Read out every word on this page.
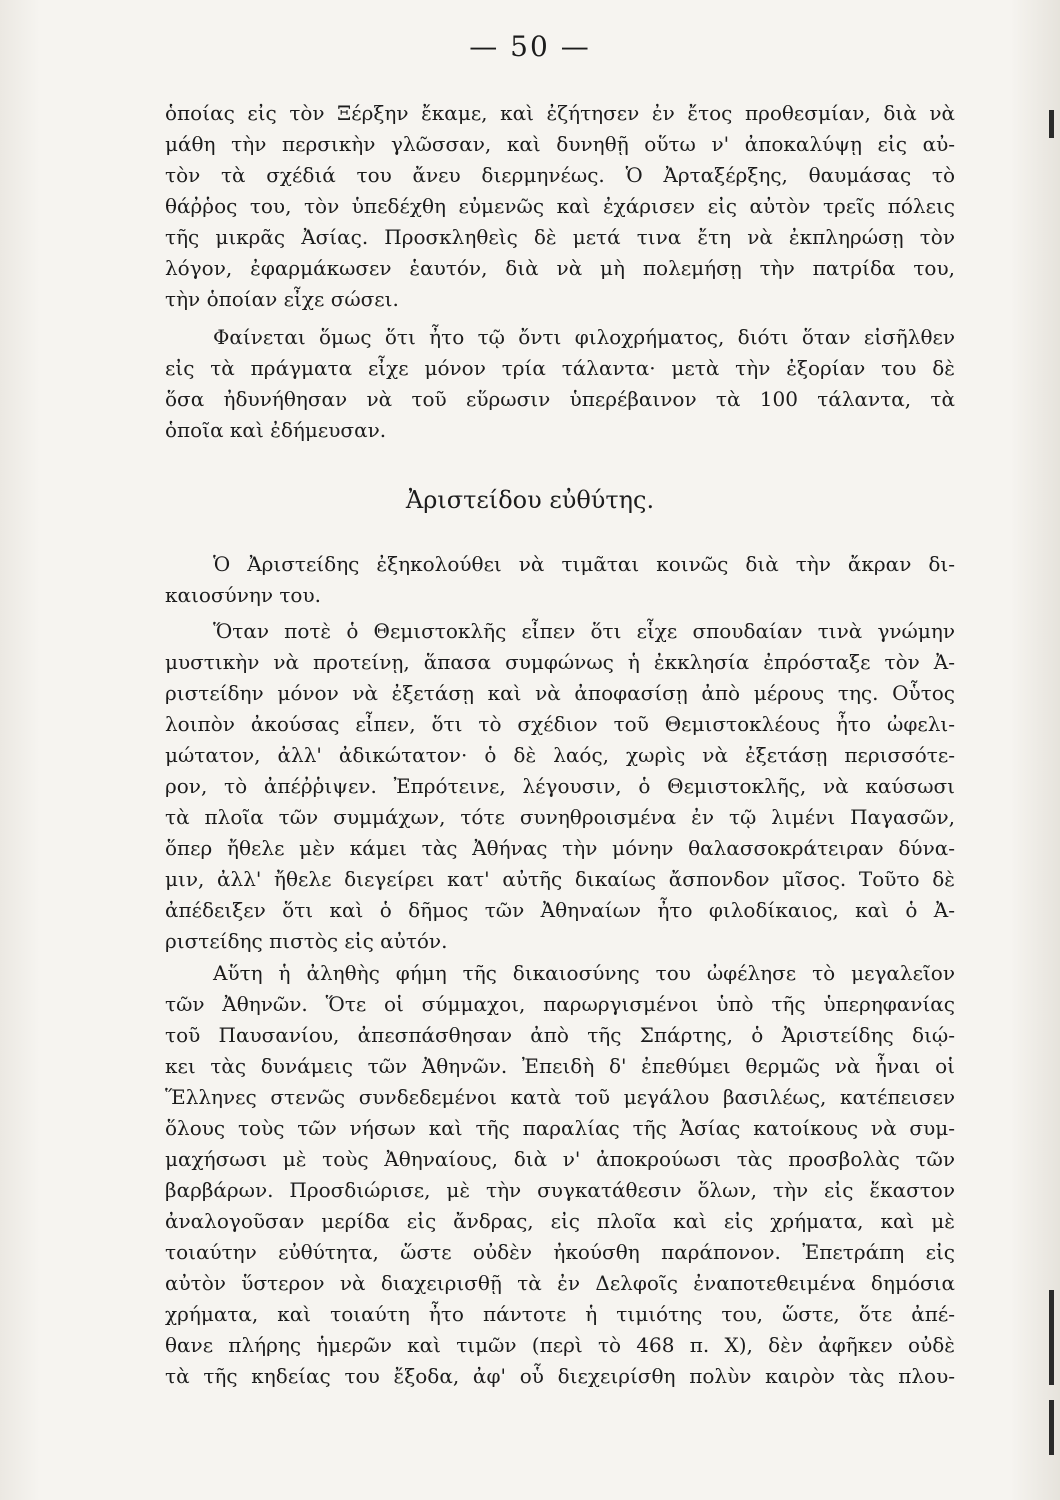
— 50 —
ὁποίας εἰς τὸν Ξέρξην ἔκαμε, καὶ ἐζήτησεν ἐν ἔτος προθεσμίαν, διὰ νὰ
μάθη τὴν περσικὴν γλῶσσαν, καὶ δυνηθῇ οὕτω ν' ἀποκαλύψῃ εἰς αὐ-
τὸν τὰ σχέδιά του ἄνευ διερμηνέως. Ὁ Ἀρταξέρξης, θαυμάσας τὸ
θάῤῥος του, τὸν ὑπεδέχθη εὐμενῶς καὶ ἐχάρισεν εἰς αὐτὸν τρεῖς πόλεις
τῆς μικρᾶς Ἀσίας. Προσκληθεὶς δὲ μετά τινα ἔτη νὰ ἐκπληρώσῃ τὸν
λόγον, ἐφαρμάκωσεν ἑαυτόν, διὰ νὰ μὴ πολεμήσῃ τὴν πατρίδα του,
τὴν ὁποίαν εἶχε σώσει.
Φαίνεται ὅμως ὅτι ἦτο τῷ ὄντι φιλοχρήματος, διότι ὅταν εἰσῆλθεν
εἰς τὰ πράγματα εἶχε μόνον τρία τάλαντα· μετὰ τὴν ἐξορίαν του δὲ
ὅσα ἠδυνήθησαν νὰ τοῦ εὕρωσιν ὑπερέβαινον τὰ 100 τάλαντα, τὰ
ὁποῖα καὶ ἐδήμευσαν.
Ἀριστείδου εὐθύτης.
Ὁ Ἀριστείδης ἐξηκολούθει νὰ τιμᾶται κοινῶς διὰ τὴν ἄκραν δι-
καιοσύνην του.
Ὅταν ποτὲ ὁ Θεμιστοκλῆς εἶπεν ὅτι εἶχε σπουδαίαν τινὰ γνώμην
μυστικὴν νὰ προτείνῃ, ἅπασα συμφώνως ἡ ἐκκλησία ἐπρόσταξε τὸν Ἀ-
ριστείδην μόνον νὰ ἐξετάσῃ καὶ νὰ ἀποφασίσῃ ἀπὸ μέρους της. Οὗτος
λοιπὸν ἀκούσας εἶπεν, ὅτι τὸ σχέδιον τοῦ Θεμιστοκλέους ἦτο ὠφελι-
μώτατον, ἀλλ' ἀδικώτατον· ὁ δὲ λαός, χωρὶς νὰ ἐξετάσῃ περισσότε-
ρον, τὸ ἀπέῤῥιψεν. Ἐπρότεινε, λέγουσιν, ὁ Θεμιστοκλῆς, νὰ καύσωσι
τὰ πλοῖα τῶν συμμάχων, τότε συνηθροισμένα ἐν τῷ λιμένι Παγασῶν,
ὅπερ ἤθελε μὲν κάμει τὰς Ἀθήνας τὴν μόνην θαλασσοκράτειραν δύνα-
μιν, ἀλλ' ἤθελε διεγείρει κατ' αὐτῆς δικαίως ἄσπονδον μῖσος. Τοῦτο δὲ
ἀπέδειξεν ὅτι καὶ ὁ δῆμος τῶν Ἀθηναίων ἦτο φιλοδίκαιος, καὶ ὁ Ἀ-
ριστείδης πιστὸς εἰς αὐτόν.
Αὕτη ἡ ἀληθὴς φήμη τῆς δικαιοσύνης του ὠφέλησε τὸ μεγαλεῖον
τῶν Ἀθηνῶν. Ὅτε οἱ σύμμαχοι, παρωργισμένοι ὑπὸ τῆς ὑπερηφανίας
τοῦ Παυσανίου, ἀπεσπάσθησαν ἀπὸ τῆς Σπάρτης, ὁ Ἀριστείδης διῴ-
κει τὰς δυνάμεις τῶν Ἀθηνῶν. Ἐπειδὴ δ' ἐπεθύμει θερμῶς νὰ ἦναι οἱ
Ἕλληνες στενῶς συνδεδεμένοι κατὰ τοῦ μεγάλου βασιλέως, κατέπεισεν
ὅλους τοὺς τῶν νήσων καὶ τῆς παραλίας τῆς Ἀσίας κατοίκους νὰ συμ-
μαχήσωσι μὲ τοὺς Ἀθηναίους, διὰ ν' ἀποκρούωσι τὰς προσβολὰς τῶν
βαρβάρων. Προσδιώρισε, μὲ τὴν συγκατάθεσιν ὅλων, τὴν εἰς ἕκαστον
ἀναλογοῦσαν μερίδα εἰς ἄνδρας, εἰς πλοῖα καὶ εἰς χρήματα, καὶ μὲ
τοιαύτην εὐθύτητα, ὥστε οὐδὲν ἠκούσθη παράπονον. Ἐπετράπη εἰς
αὐτὸν ὕστερον νὰ διαχειρισθῇ τὰ ἐν Δελφοῖς ἐναποτεθειμένα δημόσια
χρήματα, καὶ τοιαύτη ἦτο πάντοτε ἡ τιμιότης του, ὥστε, ὅτε ἀπέ-
θανε πλήρης ἡμερῶν καὶ τιμῶν (περὶ τὸ 468 π. Χ), δὲν ἀφῆκεν οὐδὲ
τὰ τῆς κηδείας του ἔξοδα, ἀφ' οὗ διεχειρίσθη πολὺν καιρὸν τὰς πλου-
